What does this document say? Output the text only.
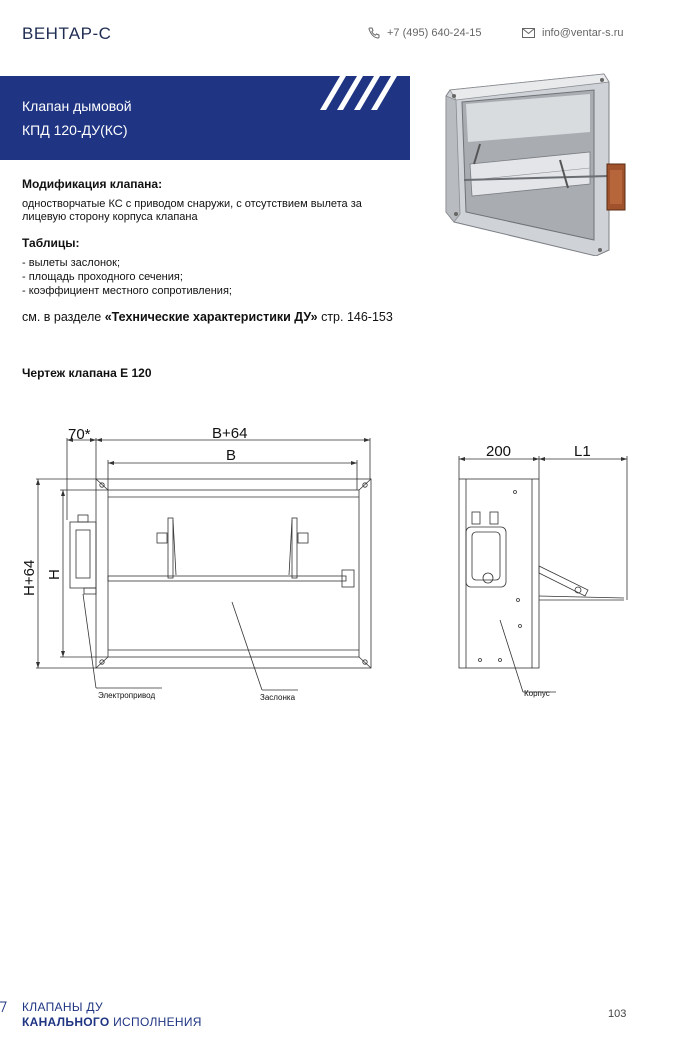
ВЕНТАР-С	+7 (495) 640-24-15	info@ventar-s.ru
Клапан дымовой
КПД 120-ДУ(КС)
Модификация клапана:
одностворчатые КС с приводом снаружи, с отсутствием вылета за
лицевую сторону корпуса клапана
Таблицы:
- вылеты заслонок;
- площадь проходного сечения;
- коэффициент местного сопротивления;
см. в разделе «Технические характеристики ДУ» стр. 146-153
Чертеж клапана Е 120
70*	В+64
В
Н+64 Н
200	L1
Электропривод	Заслонка	Корпус
КЛАПАНЫ ДУ
КАНАЛЬНОГО ИСПОЛНЕНИЯ
103
